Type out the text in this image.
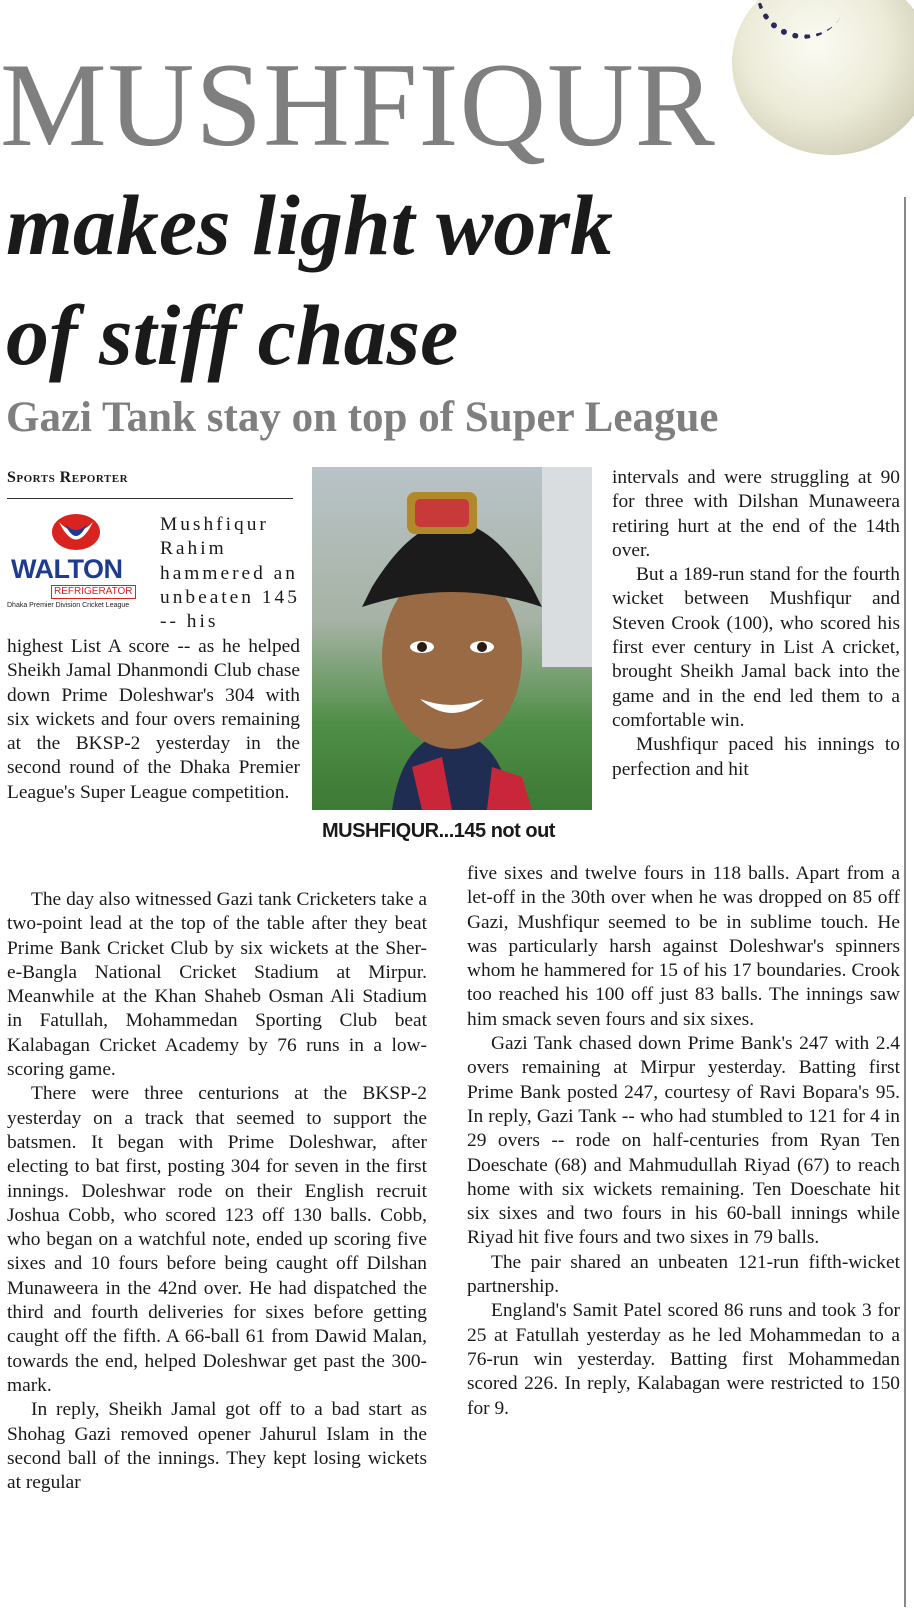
MUSHFIQUR
makes light work
of stiff chase
Gazi Tank stay on top of Super League
Sports Reporter
WALTON
REFRIGERATOR
Dhaka Premier Division Cricket League
Mushfiqur Rahim hammered an unbeaten 145 -- his
MUSHFIQUR...145 not out

highest List A score -- as he helped Sheikh Jamal Dhanmondi Club chase down Prime Doleshwar's 304 with six wickets and four overs remaining at the BKSP-2 yesterday in the second round of the Dhaka Premier League's Super League competition.

The day also witnessed Gazi tank Cricketers take a two-point lead at the top of the table after they beat Prime Bank Cricket Club by six wickets at the Sher-e-Bangla National Cricket Stadium at Mirpur. Meanwhile at the Khan Shaheb Osman Ali Stadium in Fatullah, Mohammedan Sporting Club beat Kalabagan Cricket Academy by 76 runs in a low-scoring game.

There were three centurions at the BKSP-2 yesterday on a track that seemed to support the batsmen. It began with Prime Doleshwar, after electing to bat first, posting 304 for seven in the first innings. Doleshwar rode on their English recruit Joshua Cobb, who scored 123 off 130 balls. Cobb, who began on a watchful note, ended up scoring five sixes and 10 fours before being caught off Dilshan Munaweera in the 42nd over. He had dispatched the third and fourth deliveries for sixes before getting caught off the fifth. A 66-ball 61 from Dawid Malan, towards the end, helped Doleshwar get past the 300-mark.

In reply, Sheikh Jamal got off to a bad start as Shohag Gazi removed opener Jahurul Islam in the second ball of the innings. They kept losing wickets at regular

intervals and were struggling at 90 for three with Dilshan Munaweera retiring hurt at the end of the 14th over.

But a 189-run stand for the fourth wicket between Mushfiqur and Steven Crook (100), who scored his first ever century in List A cricket, brought Sheikh Jamal back into the game and in the end led them to a comfortable win.

Mushfiqur paced his innings to perfection and hit

five sixes and twelve fours in 118 balls. Apart from a let-off in the 30th over when he was dropped on 85 off Gazi, Mushfiqur seemed to be in sublime touch. He was particularly harsh against Doleshwar's spinners whom he hammered for 15 of his 17 boundaries. Crook too reached his 100 off just 83 balls. The innings saw him smack seven fours and six sixes.

Gazi Tank chased down Prime Bank's 247 with 2.4 overs remaining at Mirpur yesterday. Batting first Prime Bank posted 247, courtesy of Ravi Bopara's 95. In reply, Gazi Tank -- who had stumbled to 121 for 4 in 29 overs -- rode on half-centuries from Ryan Ten Doeschate (68) and Mahmudullah Riyad (67) to reach home with six wickets remaining. Ten Doeschate hit six sixes and two fours in his 60-ball innings while Riyad hit five fours and two sixes in 79 balls.

The pair shared an unbeaten 121-run fifth-wicket partnership.

England's Samit Patel scored 86 runs and took 3 for 25 at Fatullah yesterday as he led Mohammedan to a 76-run win yesterday. Batting first Mohammedan scored 226. In reply, Kalabagan were restricted to 150 for 9.
